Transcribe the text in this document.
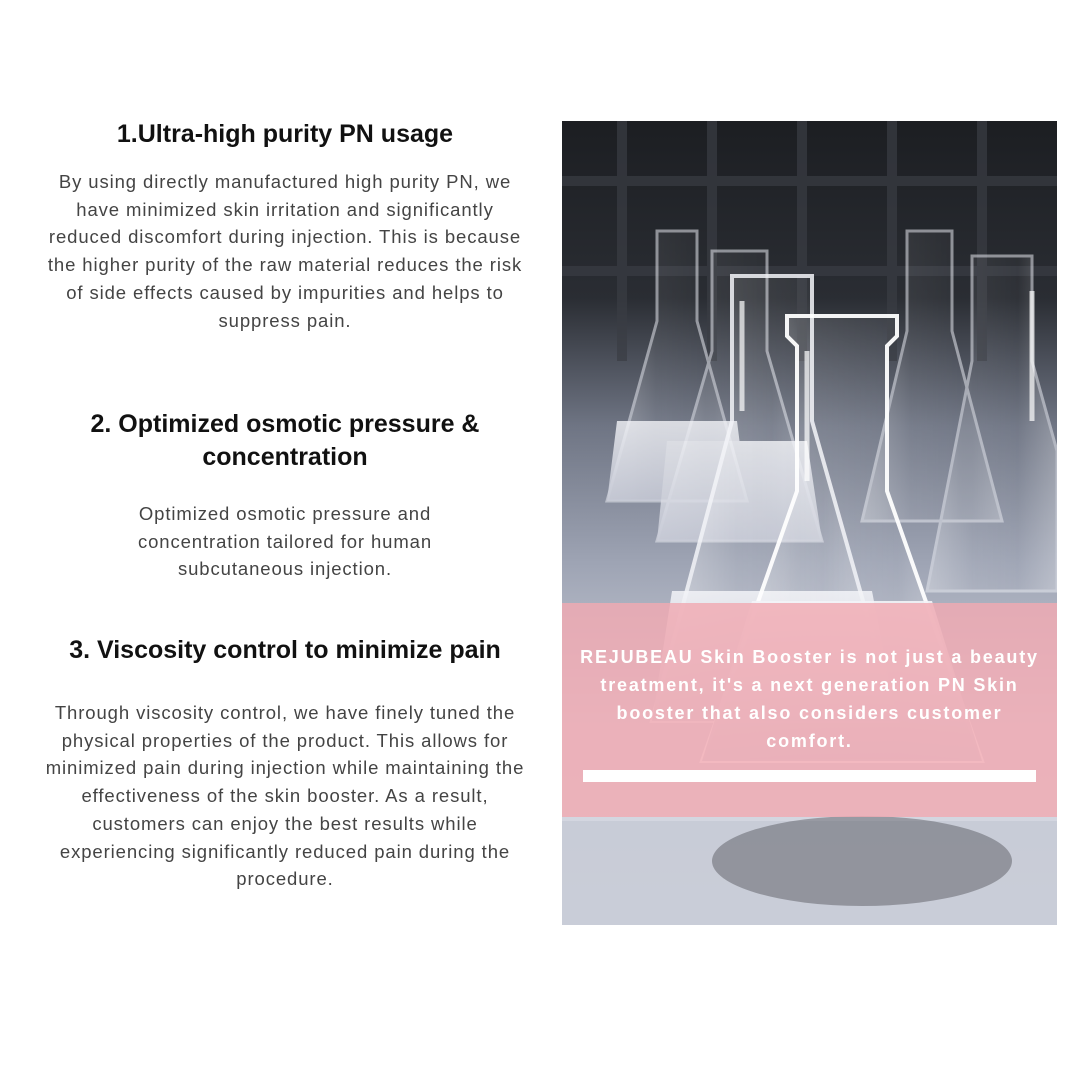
1.Ultra-high purity PN usage

By using directly manufactured high purity PN, we have minimized skin irritation and significantly reduced discomfort during injection. This is because the higher purity of the raw material reduces the risk of side effects caused by impurities and helps to suppress pain.

2. Optimized osmotic pressure & concentration

Optimized osmotic pressure and concentration tailored for human subcutaneous injection.

3. Viscosity control to minimize pain

Through viscosity control, we have finely tuned the physical properties of the product. This allows for minimized pain during injection while maintaining the effectiveness of the skin booster. As a result, customers can enjoy the best results while experiencing significantly reduced pain during the procedure.

REJUBEAU Skin Booster is not just a beauty treatment, it's a next generation PN Skin booster that also considers customer comfort.
